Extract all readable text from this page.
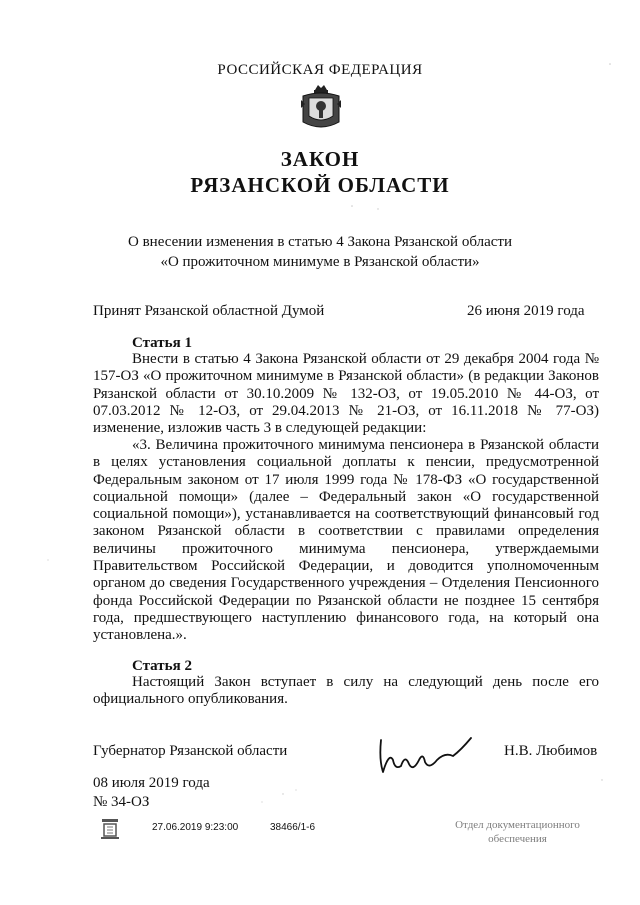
РОССИЙСКАЯ ФЕДЕРАЦИЯ
ЗАКОН
РЯЗАНСКОЙ ОБЛАСТИ
О внесении изменения в статью 4 Закона Рязанской области
«О прожиточном минимуме в Рязанской области»
Принят Рязанской областной Думой	26 июня 2019 года
Статья 1

Внести в статью 4 Закона Рязанской области от 29 декабря 2004 года № 157-ОЗ «О прожиточном минимуме в Рязанской области» (в редакции Законов Рязанской области от 30.10.2009 № 132-ОЗ, от 19.05.2010 № 44-ОЗ, от 07.03.2012 № 12-ОЗ, от 29.04.2013 № 21-ОЗ, от 16.11.2018 № 77-ОЗ) изменение, изложив часть 3 в следующей редакции:

«3. Величина прожиточного минимума пенсионера в Рязанской области в целях установления социальной доплаты к пенсии, предусмотренной Федеральным законом от 17 июля 1999 года № 178-ФЗ «О государственной социальной помощи» (далее – Федеральный закон «О государственной социальной помощи»), устанавливается на соответствующий финансовый год законом Рязанской области в соответствии с правилами определения величины прожиточного минимума пенсионера, утверждаемыми Правительством Российской Федерации, и доводится уполномоченным органом до сведения Государственного учреждения – Отделения Пенсионного фонда Российской Федерации по Рязанской области не позднее 15 сентября года, предшествующего наступлению финансового года, на который она установлена.».

Статья 2

Настоящий Закон вступает в силу на следующий день после его официального опубликования.

Губернатор Рязанской области	Н.В. Любимов
08 июля 2019 года
№ 34-ОЗ
27.06.2019 9:23:00	38466/1-6	Отдел документационного
обеспечения
